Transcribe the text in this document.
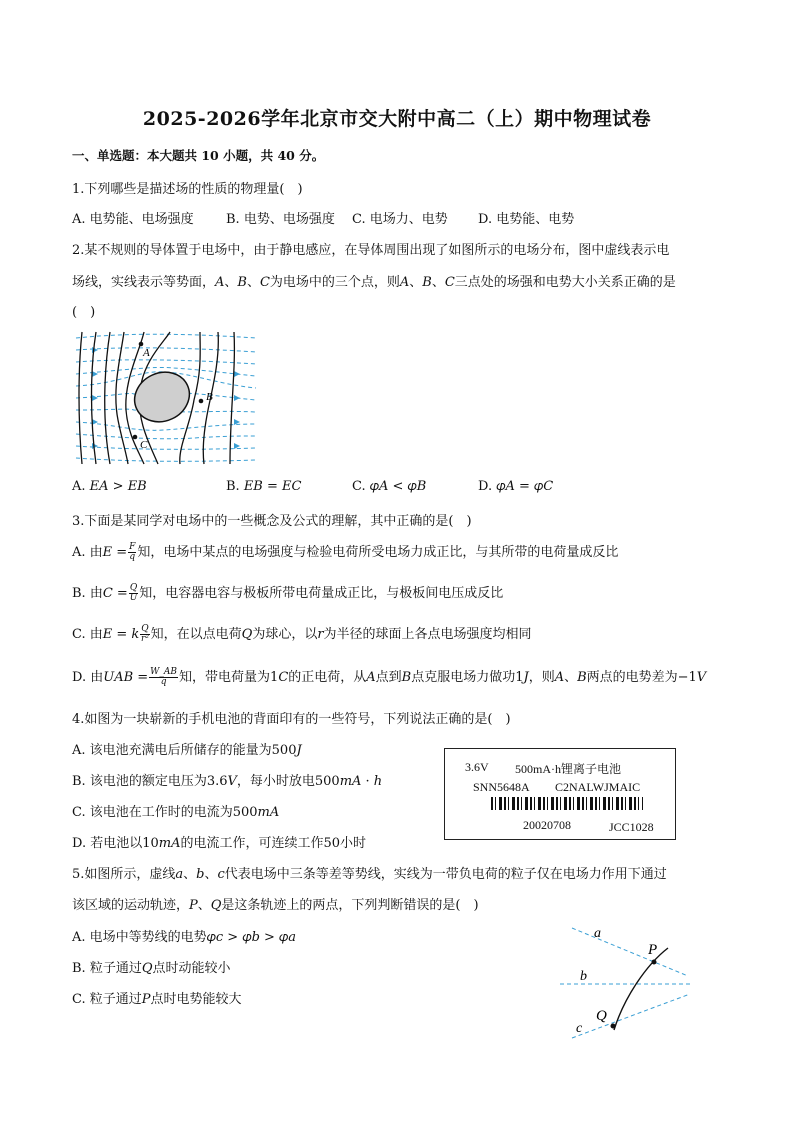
2025-2026学年北京市交大附中高二（上）期中物理试卷
一、单选题：本大题共 10 小题，共 40 分。
1.下列哪些是描述场的性质的物理量(　)
A. 电势能、电场强度 B. 电势、电场强度 C. 电场力、电势 D. 电势能、电势
2.某不规则的导体置于电场中，由于静电感应，在导体周围出现了如图所示的电场分布，图中虚线表示电
场线，实线表示等势面，𝐴、𝐵、𝐶为电场中的三个点，则𝐴、𝐵、𝐶三点处的场强和电势大小关系正确的是
(　)
A
B
C
A. 𝐸𝐴 > 𝐸𝐵	B. 𝐸𝐵 = 𝐸𝐶	C. 𝜑𝐴 < 𝜑𝐵	D. 𝜑𝐴 = 𝜑𝐶
3.下面是某同学对电场中的一些概念及公式的理解，其中正确的是(　)
A. 由𝐸 = $\frac{F}{q}$ 知，电场中某点的电场强度与检验电荷所受电场力成正比，与其所带的电荷量成反比
B. 由𝐶 = $\frac{Q}{U}$ 知，电容器电容与极板所带电荷量成正比，与极板间电压成反比
C. 由𝐸 = 𝑘 $\frac{Q}{\text{r²}}$ 知，在以点电荷𝑄为球心，以𝑟为半径的球面上各点电场强度均相同
D. 由𝑈𝐴𝐵 = $\frac{W\_AB}{q}$ 知，带电荷量为1𝐶的正电荷，从𝐴点到𝐵点克服电场力做功1𝐽，则𝐴、𝐵两点的电势差为−1𝑉
4.如图为一块崭新的手机电池的背面印有的一些符号，下列说法正确的是(　)
A. 该电池充满电后所储存的能量为500𝐽
B. 该电池的额定电压为3.6𝑉，每小时放电500𝑚𝐴 · ℎ
C. 该电池在工作时的电流为500𝑚𝐴
D. 若电池以10𝑚𝐴的电流工作，可连续工作50小时
3.6V 500mA·h锂离子电池
SNN5648A C2NALWJMAIC
20020708	JCC1028
5.如图所示，虚线𝑎、𝑏、𝑐代表电场中三条等差等势线，实线为一带负电荷的粒子仅在电场力作用下通过
该区域的运动轨迹，𝑃、𝑄是这条轨迹上的两点，下列判断错误的是(　)
A. 电场中等势线的电势𝜑𝑐 > 𝜑𝑏 > 𝜑𝑎
B. 粒子通过𝑄点时动能较小
C. 粒子通过𝑃点时电势能较大
a
b
c
P
Q
